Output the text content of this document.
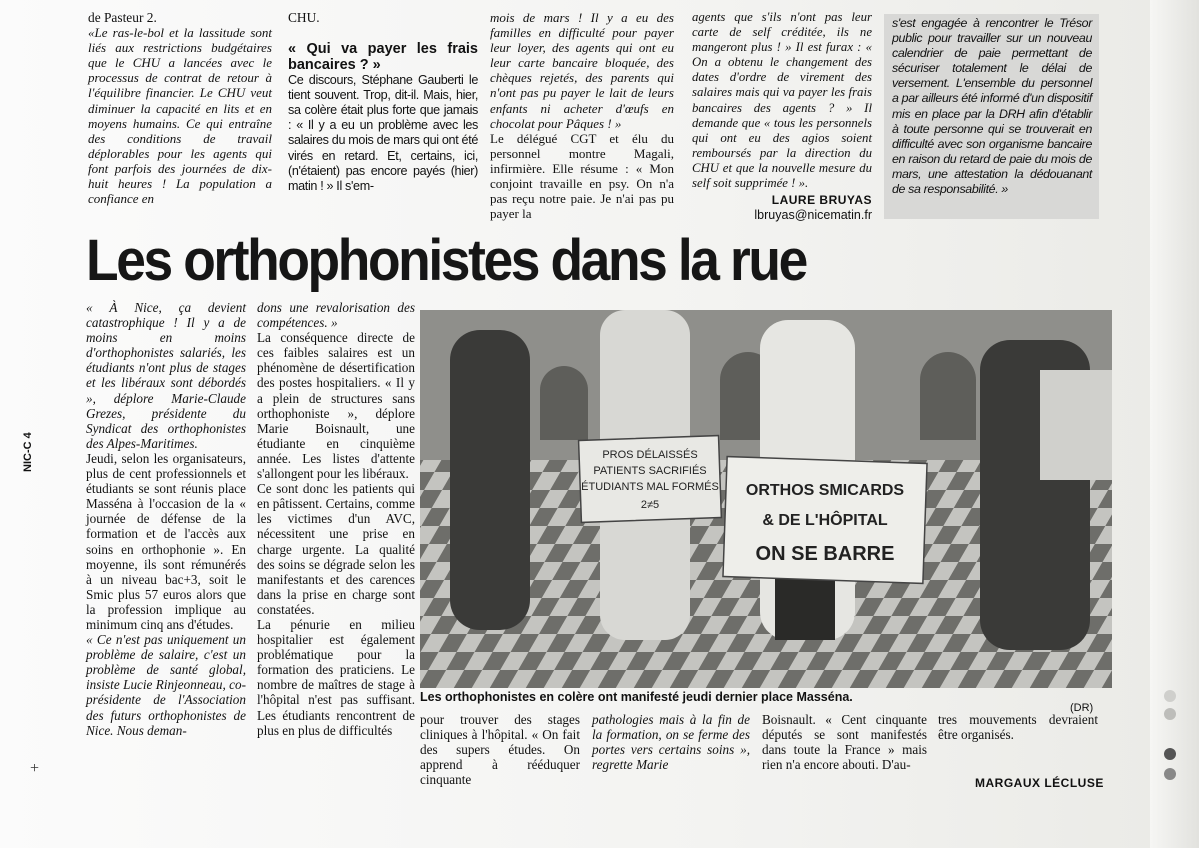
de Pasteur 2.

«Le ras-le-bol et la lassitude sont liés aux restrictions budgétaires que le CHU a lancées avec le processus de contrat de retour à l'équilibre financier. Le CHU veut diminuer la capacité en lits et en moyens humains. Ce qui entraîne des conditions de travail déplorables pour les agents qui font parfois des journées de dix-huit heures ! La population a confiance en

CHU.

« Qui va payer les frais bancaires ? »

Ce discours, Stéphane Gauberti le tient souvent. Trop, dit-il. Mais, hier, sa colère était plus forte que jamais : « Il y a eu un problème avec les salaires du mois de mars qui ont été virés en retard. Et, certains, ici, (n'étaient) pas encore payés (hier) matin ! » Il s'em-

mois de mars ! Il y a eu des familles en difficulté pour payer leur loyer, des agents qui ont eu leur carte bancaire bloquée, des chèques rejetés, des parents qui n'ont pas pu payer le lait de leurs enfants ni acheter d'œufs en chocolat pour Pâques ! »

Le délégué CGT et élu du personnel montre Magali, infirmière. Elle résume : « Mon conjoint travaille en psy. On n'a pas reçu notre paie. Je n'ai pas pu payer la

agents que s'ils n'ont pas leur carte de self créditée, ils ne mangeront plus ! » Il est furax : « On a obtenu le changement des dates d'ordre de virement des salaires mais qui va payer les frais bancaires des agents ? » Il demande que « tous les personnels qui ont eu des agios soient remboursés par la direction du CHU et que la nouvelle mesure du self soit supprimée ! ».

LAURE BRUYAS

lbruyas@nicematin.fr

s'est engagée à rencontrer le Trésor public pour travailler sur un nouveau calendrier de paie permettant de sécuriser totalement le délai de versement. L'ensemble du personnel a par ailleurs été informé d'un dispositif mis en place par la DRH afin d'établir à toute personne qui se trouverait en difficulté avec son organisme bancaire en raison du retard de paie du mois de mars, une attestation la dédouanant de sa responsabilité. »

Les orthophonistes dans la rue

« À Nice, ça devient catastrophique ! Il y a de moins en moins d'orthophonistes salariés, les étudiants n'ont plus de stages et les libéraux sont débordés », déplore Marie-Claude Grezes, présidente du Syndicat des orthophonistes des Alpes-Maritimes.

Jeudi, selon les organisateurs, plus de cent professionnels et étudiants se sont réunis place Masséna à l'occasion de la « journée de défense de la formation et de l'accès aux soins en orthophonie ». En moyenne, ils sont rémunérés à un niveau bac+3, soit le Smic plus 57 euros alors que la profession implique au minimum cinq ans d'études.

« Ce n'est pas uniquement un problème de salaire, c'est un problème de santé global, insiste Lucie Rinjeonneau, co-présidente de l'Association des futurs orthophonistes de Nice. Nous deman-

dons une revalorisation des compétences. »

La conséquence directe de ces faibles salaires est un phénomène de désertification des postes hospitaliers. « Il y a plein de structures sans orthophoniste », déplore Marie Boisnault, une étudiante en cinquième année. Les listes d'attente s'allongent pour les libéraux.

Ce sont donc les patients qui en pâtissent. Certains, comme les victimes d'un AVC, nécessitent une prise en charge urgente. La qualité des soins se dégrade selon les manifestants et des carences dans la prise en charge sont constatées.

La pénurie en milieu hospitalier est également problématique pour la formation des praticiens. Le nombre de maîtres de stage à l'hôpital n'est pas suffisant. Les étudiants rencontrent de plus en plus de difficultés

PROS DÉLAISSÉS
PATIENTS SACRIFIÉS
ÉTUDIANTS MAL FORMÉS
2≠5
ORTHOS SMICARDS
& DE L'HÔPITAL
ON SE BARRE
Les orthophonistes en colère ont manifesté jeudi dernier place Masséna.
(DR)

pour trouver des stages cliniques à l'hôpital. « On fait des supers études. On apprend à rééduquer cinquante

pathologies mais à la fin de la formation, on se ferme des portes vers certains soins », regrette Marie

Boisnault. « Cent cinquante députés se sont manifestés dans toute la France » mais rien n'a encore abouti. D'au-

tres mouvements devraient être organisés.

MARGAUX LÉCLUSE
NIC-C 4
+
